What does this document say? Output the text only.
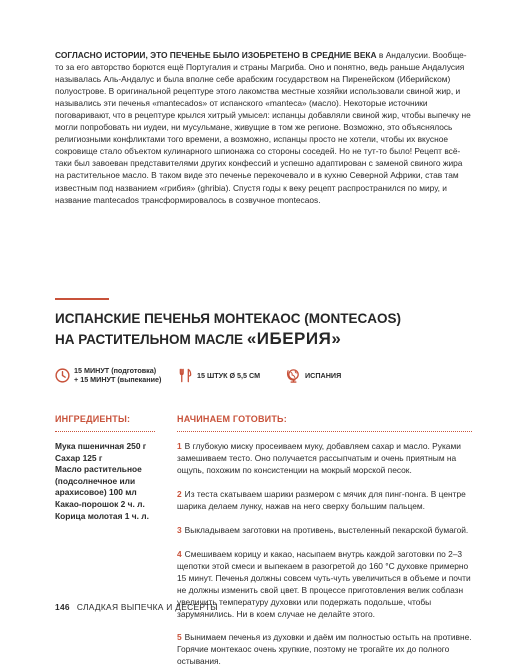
СОГЛАСНО ИСТОРИИ, ЭТО ПЕЧЕНЬЕ БЫЛО ИЗОБРЕТЕНО В СРЕДНИЕ ВЕКА в Андалусии. Вообще-то за его авторство борются ещё Португалия и страны Магриба. Оно и понятно, ведь раньше Андалусия называлась Аль-Андалус и была вполне себе арабским государством на Пиренейском (Иберийском) полуострове. В оригинальной рецептуре этого лакомства местные хозяйки использовали свиной жир, и назывались эти печенья «mantecados» от испанского «manteca» (масло). Некоторые источники поговаривают, что в рецептуре крылся хитрый умысел: испанцы добавляли свиной жир, чтобы выпечку не могли попробовать ни иудеи, ни мусульмане, живущие в том же регионе. Возможно, это объяснялось религиозными конфликтами того времени, а возможно, испанцы просто не хотели, чтобы их вкусное сокровище стало объектом кулинарного шпионажа со стороны соседей. Но не тут-то было! Рецепт всё-таки был завоеван представителями других конфессий и успешно адаптирован с заменой свиного жира на растительное масло. В таком виде это печенье перекочевало и в кухню Северной Африки, став там известным под названием «грибия» (ghribia). Спустя годы к веку рецепт распространился по миру, и название mantecados трансформировалось в созвучное montecaos.
ИСПАНСКИЕ ПЕЧЕНЬЯ МОНТЕКАОС (MONTECAOS)
НА РАСТИТЕЛЬНОМ МАСЛЕ «ИБЕРИЯ»
15 МИНУТ (подготовка)
+ 15 МИНУТ (выпекание)	15 ШТУК Ø 5,5 СМ	ИСПАНИЯ
ИНГРЕДИЕНТЫ:
Мука пшеничная 250 г
Сахар 125 г
Масло растительное
(подсолнечное или
арахисовое) 100 мл
Какао-порошок 2 ч. л.
Корица молотая 1 ч. л.
НАЧИНАЕМ ГОТОВИТЬ:
1 В глубокую миску просеиваем муку, добавляем сахар и масло. Руками замешиваем тесто. Оно получается рассыпчатым и очень приятным на ощупь, похожим по консистенции на мокрый морской песок.
2 Из теста скатываем шарики размером с мячик для пинг-понга. В центре шарика делаем лунку, нажав на него сверху большим пальцем.
3 Выкладываем заготовки на противень, выстеленный пекарской бумагой.
4 Смешиваем корицу и какао, насыпаем внутрь каждой заготовки по 2–3 щепотки этой смеси и выпекаем в разогретой до 160 °С духовке примерно 15 минут. Печенья должны совсем чуть-чуть увеличиться в объеме и почти не должны изменить свой цвет. В процессе приготовления велик соблазн увеличить температуру духовки или подержать подольше, чтобы зарумянились. Ни в коем случае не делайте этого.
5 Вынимаем печенья из духовки и даём им полностью остыть на противне. Горячие монтекаос очень хрупкие, поэтому не трогайте их до полного остывания.
146 СЛАДКАЯ ВЫПЕЧКА И ДЕСЕРТЫ
